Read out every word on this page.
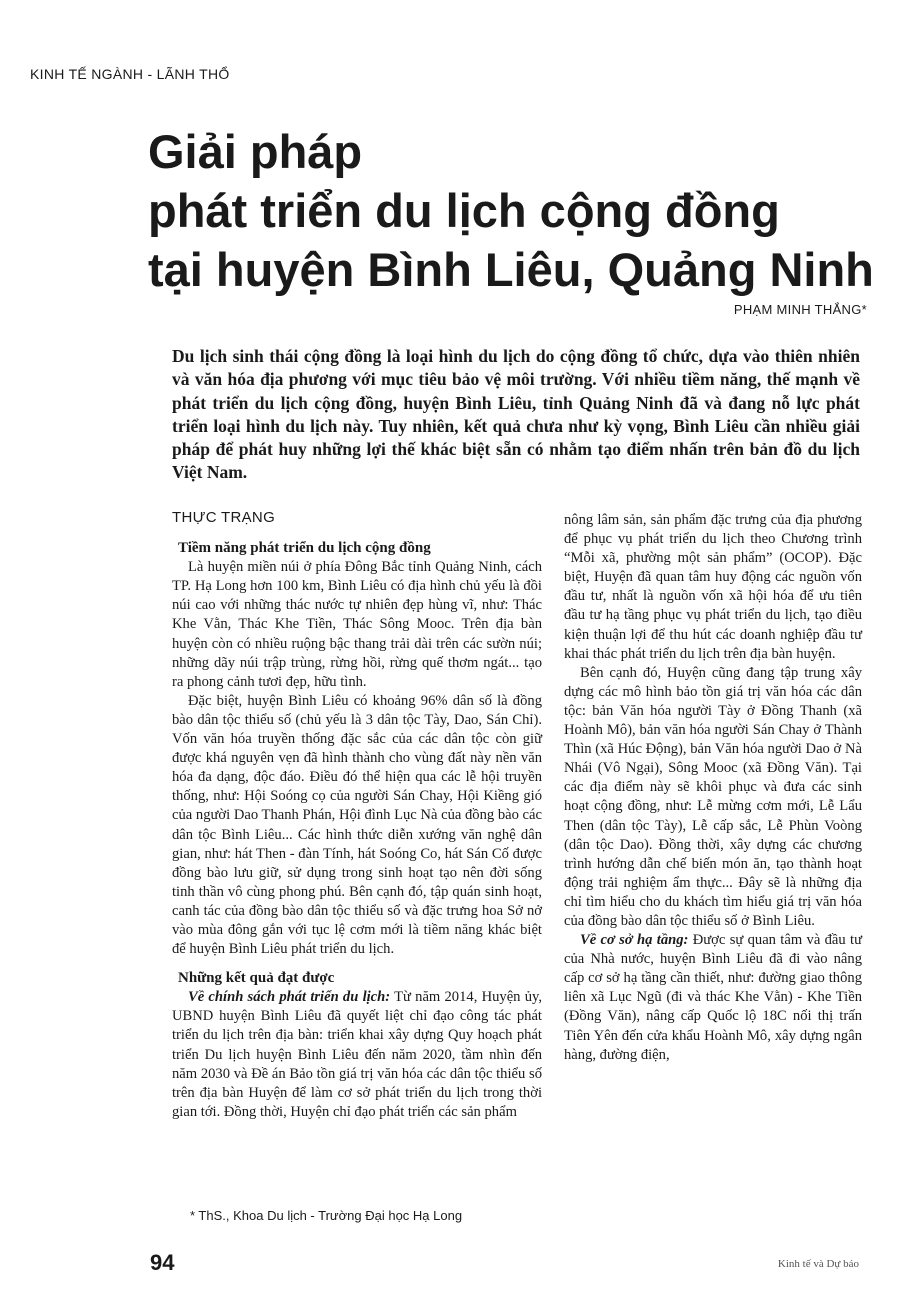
KINH TẾ NGÀNH - LÃNH THỔ
Giải pháp
phát triển du lịch cộng đồng
tại huyện Bình Liêu, Quảng Ninh
PHẠM MINH THẮNG*

Du lịch sinh thái cộng đồng là loại hình du lịch do cộng đồng tổ chức, dựa vào thiên nhiên và văn hóa địa phương với mục tiêu bảo vệ môi trường. Với nhiều tiềm năng, thế mạnh về phát triển du lịch cộng đồng, huyện Bình Liêu, tỉnh Quảng Ninh đã và đang nỗ lực phát triển loại hình du lịch này. Tuy nhiên, kết quả chưa như kỳ vọng, Bình Liêu cần nhiều giải pháp để phát huy những lợi thế khác biệt sẵn có nhằm tạo điểm nhấn trên bản đồ du lịch Việt Nam.

THỰC TRẠNG
Tiềm năng phát triển du lịch cộng đồng

Là huyện miền núi ở phía Đông Bắc tỉnh Quảng Ninh, cách TP. Hạ Long hơn 100 km, Bình Liêu có địa hình chủ yếu là đồi núi cao với những thác nước tự nhiên đẹp hùng vĩ, như: Thác Khe Vằn, Thác Khe Tiền, Thác Sông Mooc. Trên địa bàn huyện còn có nhiều ruộng bậc thang trải dài trên các sườn núi; những dãy núi trập trùng, rừng hồi, rừng quế thơm ngát... tạo ra phong cảnh tươi đẹp, hữu tình.

Đặc biệt, huyện Bình Liêu có khoảng 96% dân số là đồng bào dân tộc thiểu số (chủ yếu là 3 dân tộc Tày, Dao, Sán Chỉ). Vốn văn hóa truyền thống đặc sắc của các dân tộc còn giữ được khá nguyên vẹn đã hình thành cho vùng đất này nền văn hóa đa dạng, độc đáo. Điều đó thể hiện qua các lễ hội truyền thống, như: Hội Soóng cọ của người Sán Chay, Hội Kiềng gió của người Dao Thanh Phán, Hội đình Lục Nà của đồng bào các dân tộc Bình Liêu... Các hình thức diễn xướng văn nghệ dân gian, như: hát Then - đàn Tính, hát Soóng Co, hát Sán Cố được đồng bào lưu giữ, sử dụng trong sinh hoạt tạo nên đời sống tinh thần vô cùng phong phú. Bên cạnh đó, tập quán sinh hoạt, canh tác của đồng bào dân tộc thiểu số và đặc trưng hoa Sở nở vào mùa đông gắn với tục lệ cơm mới là tiềm năng khác biệt để huyện Bình Liêu phát triển du lịch.

Những kết quả đạt được

Về chính sách phát triển du lịch: Từ năm 2014, Huyện ủy, UBND huyện Bình Liêu đã quyết liệt chỉ đạo công tác phát triển du lịch trên địa bàn: triển khai xây dựng Quy hoạch phát triển Du lịch huyện Bình Liêu đến năm 2020, tầm nhìn đến năm 2030 và Đề án Bảo tồn giá trị văn hóa các dân tộc thiểu số trên địa bàn Huyện để làm cơ sở phát triển du lịch trong thời gian tới. Đồng thời, Huyện chỉ đạo phát triển các sản phẩm

nông lâm sản, sản phẩm đặc trưng của địa phương để phục vụ phát triển du lịch theo Chương trình “Mỗi xã, phường một sản phẩm” (OCOP). Đặc biệt, Huyện đã quan tâm huy động các nguồn vốn đầu tư, nhất là nguồn vốn xã hội hóa để ưu tiên đầu tư hạ tầng phục vụ phát triển du lịch, tạo điều kiện thuận lợi để thu hút các doanh nghiệp đầu tư khai thác phát triển du lịch trên địa bàn huyện.

Bên cạnh đó, Huyện cũng đang tập trung xây dựng các mô hình bảo tồn giá trị văn hóa các dân tộc: bản Văn hóa người Tày ở Đồng Thanh (xã Hoành Mô), bản văn hóa người Sán Chay ở Thành Thìn (xã Húc Động), bản Văn hóa người Dao ở Nà Nhái (Vô Ngại), Sông Mooc (xã Đồng Văn). Tại các địa điểm này sẽ khôi phục và đưa các sinh hoạt cộng đồng, như: Lễ mừng cơm mới, Lễ Lẩu Then (dân tộc Tày), Lễ cấp sắc, Lễ Phùn Voòng (dân tộc Dao). Đồng thời, xây dựng các chương trình hướng dẫn chế biến món ăn, tạo thành hoạt động trải nghiệm ẩm thực... Đây sẽ là những địa chỉ tìm hiểu cho du khách tìm hiểu giá trị văn hóa của đồng bào dân tộc thiểu số ở Bình Liêu.

Về cơ sở hạ tầng: Được sự quan tâm và đầu tư của Nhà nước, huyện Bình Liêu đã đi vào nâng cấp cơ sở hạ tầng cần thiết, như: đường giao thông liên xã Lục Ngũ (đi và thác Khe Vằn) - Khe Tiền (Đồng Văn), nâng cấp Quốc lộ 18C nối thị trấn Tiên Yên đến cửa khẩu Hoành Mô, xây dựng ngân hàng, đường điện,

* ThS., Khoa Du lịch - Trường Đại học Hạ Long
94	Kinh tế và Dự báo
